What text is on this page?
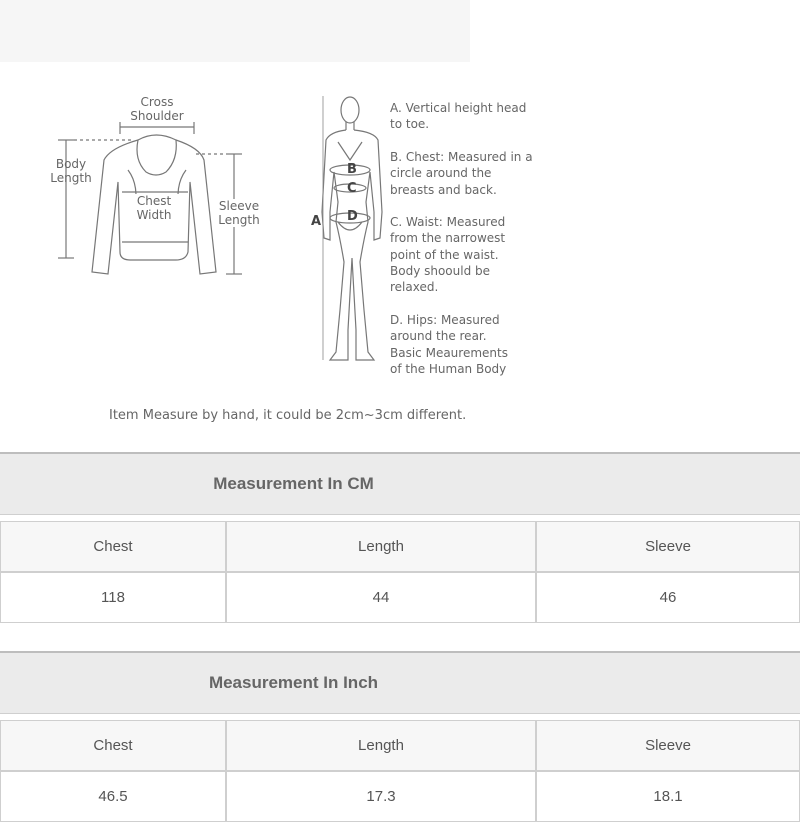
Cross
Shoulder
Body
Length
Chest
Width
Sleeve
Length	A
B
C
D

A. Vertical height head
to toe.

B. Chest: Measured in a
circle around the
breasts and back.

C. Waist: Measured
from the narrowest
point of the waist.
Body shoould be
relaxed.

D. Hips: Measured
around the rear.
Basic Meaurements
of the Human Body

Item Measure by hand, it could be 2cm~3cm different.
Measurement In CM		

Chest	Length	Sleeve
118	44	46
Measurement In Inch		

Chest	Length	Sleeve
46.5	17.3	18.1
